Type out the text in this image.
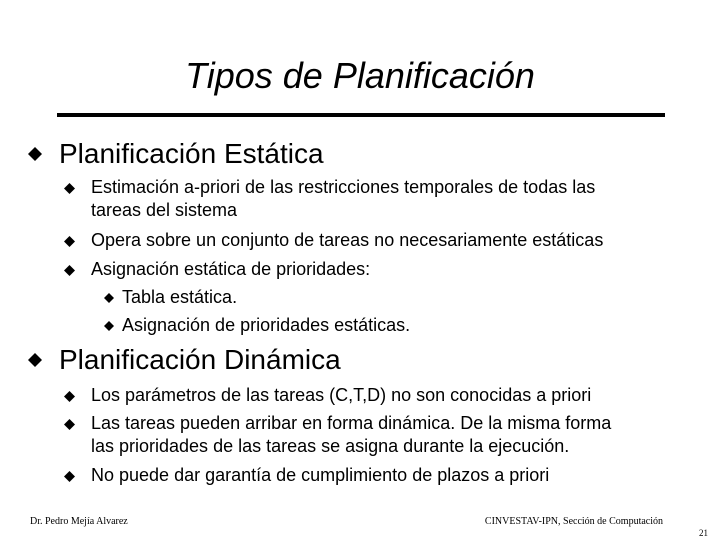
Tipos de Planificación
Planificación Estática
Estimación a-priori de las restricciones temporales de todas las
tareas del sistema
Opera sobre un conjunto de tareas no necesariamente estáticas
Asignación estática de prioridades:
Tabla estática.
Asignación de prioridades estáticas.
Planificación Dinámica
Los parámetros de las tareas (C,T,D) no son conocidas a priori
Las tareas pueden arribar en forma dinámica. De la misma forma
las prioridades de las tareas se asigna durante la ejecución.
No puede dar garantía de cumplimiento de plazos a priori
Dr. Pedro Mejía Alvarez	CINVESTAV-IPN, Sección de Computación
21
